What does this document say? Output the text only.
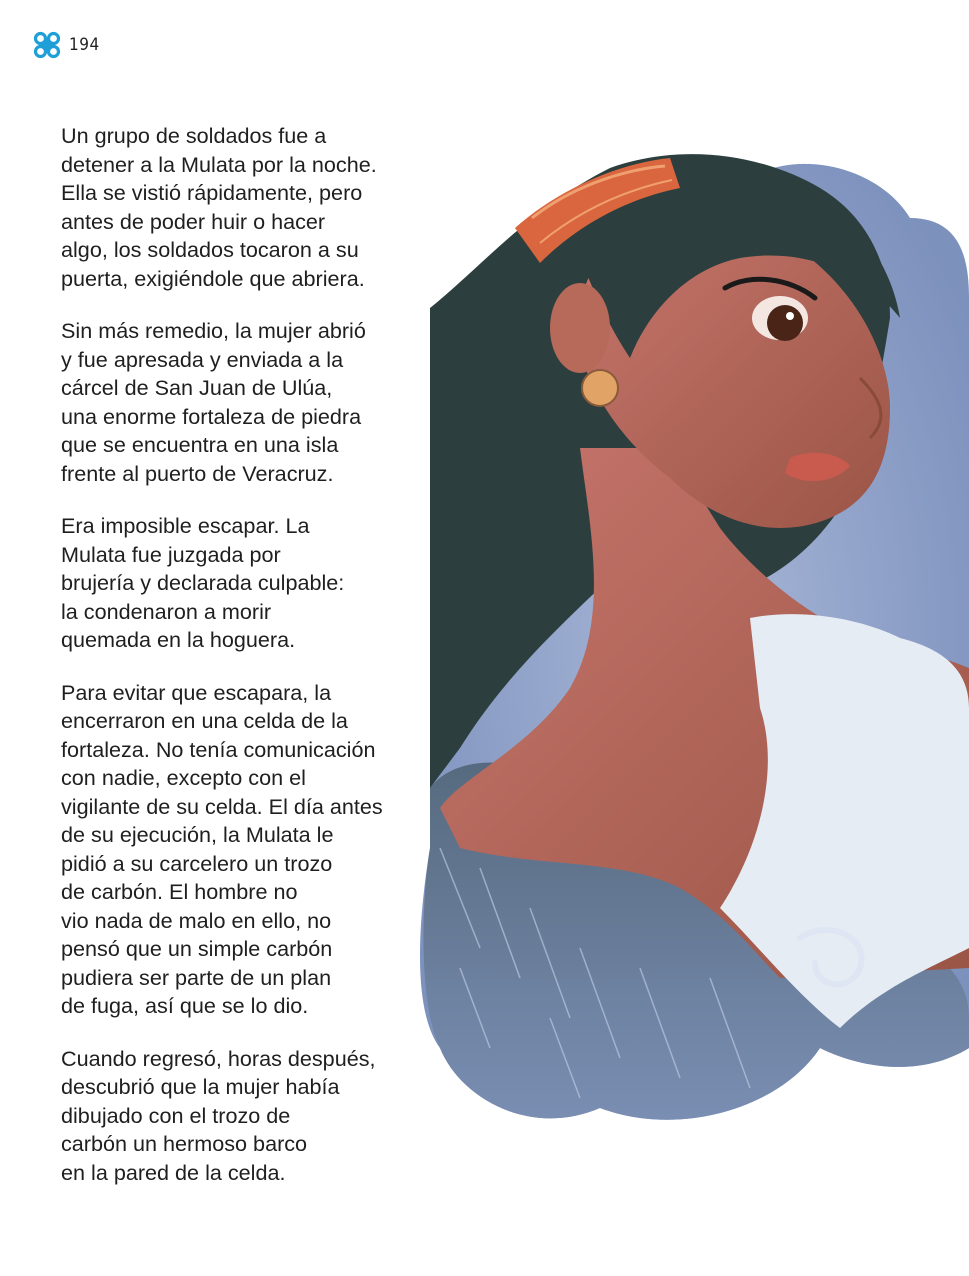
194

Un grupo de soldados fue a
detener a la Mulata por la noche.
Ella se vistió rápidamente, pero
antes de poder huir o hacer
algo, los soldados tocaron a su
puerta, exigiéndole que abriera.

Sin más remedio, la mujer abrió
y fue apresada y enviada a la
cárcel de San Juan de Ulúa,
una enorme fortaleza de piedra
que se encuentra en una isla
frente al puerto de Veracruz.

Era imposible escapar. La
Mulata fue juzgada por
brujería y declarada culpable:
la condenaron a morir
quemada en la hoguera.

Para evitar que escapara, la
encerraron en una celda de la
fortaleza. No tenía comunicación
con nadie, excepto con el
vigilante de su celda. El día antes
de su ejecución, la Mulata le
pidió a su carcelero un trozo
de carbón. El hombre no
vio nada de malo en ello, no
pensó que un simple carbón
pudiera ser parte de un plan
de fuga, así que se lo dio.

Cuando regresó, horas después,
descubrió que la mujer había
dibujado con el trozo de
carbón un hermoso barco
en la pared de la celda.
